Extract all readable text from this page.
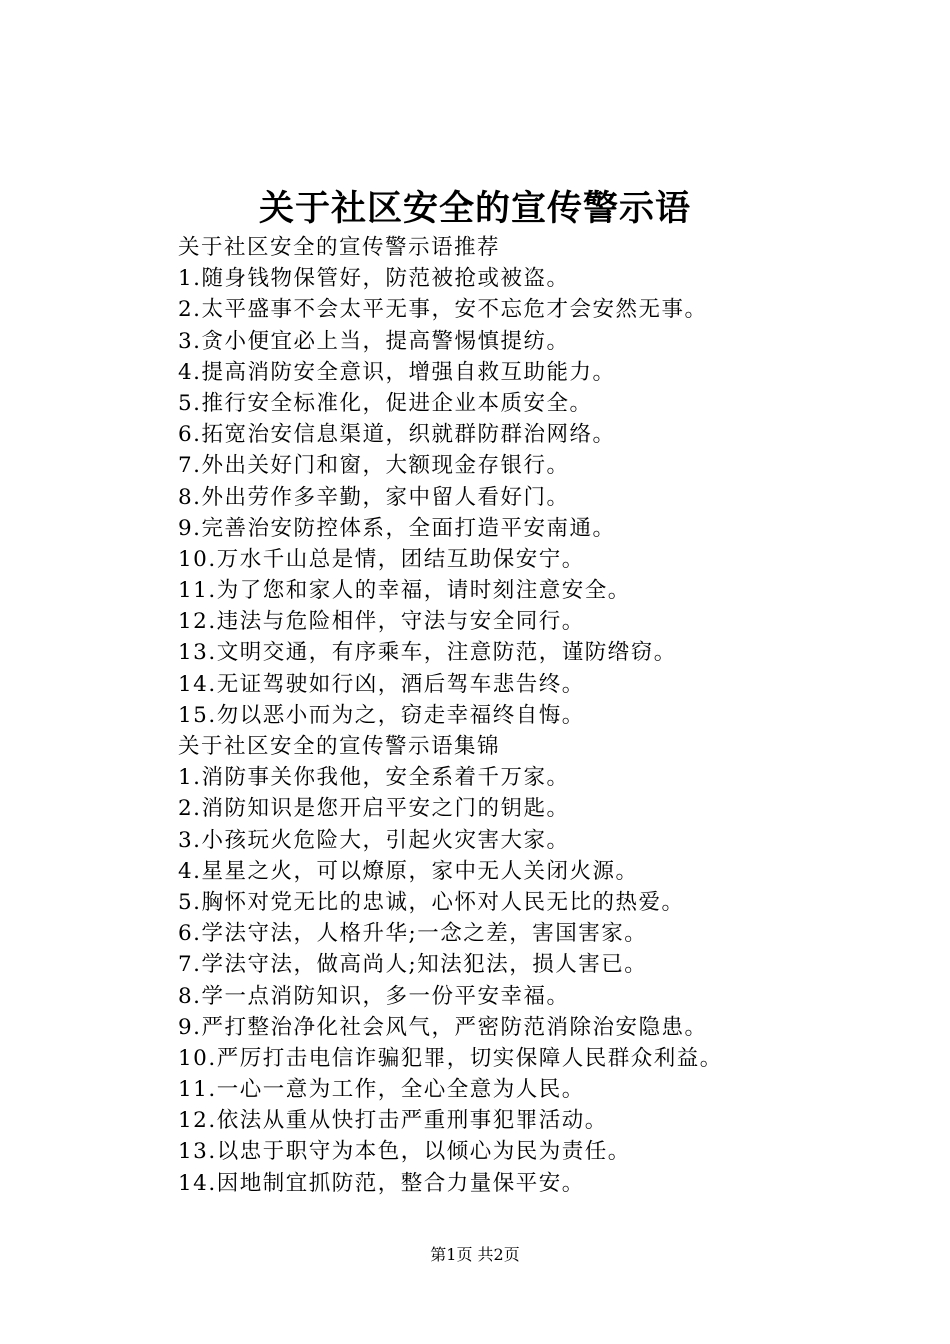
关于社区安全的宣传警示语
关于社区安全的宣传警示语推荐
1.随身钱物保管好，防范被抢或被盗。
2.太平盛事不会太平无事，安不忘危才会安然无事。
3.贪小便宜必上当，提高警惕慎提纺。
4.提高消防安全意识，增强自救互助能力。
5.推行安全标准化，促进企业本质安全。
6.拓宽治安信息渠道，织就群防群治网络。
7.外出关好门和窗，大额现金存银行。
8.外出劳作多辛勤，家中留人看好门。
9.完善治安防控体系，全面打造平安南通。
10.万水千山总是情，团结互助保安宁。
11.为了您和家人的幸福，请时刻注意安全。
12.违法与危险相伴，守法与安全同行。
13.文明交通，有序乘车，注意防范，谨防绺窃。
14.无证驾驶如行凶，酒后驾车悲告终。
15.勿以恶小而为之，窃走幸福终自悔。
关于社区安全的宣传警示语集锦
1.消防事关你我他，安全系着千万家。
2.消防知识是您开启平安之门的钥匙。
3.小孩玩火危险大，引起火灾害大家。
4.星星之火，可以燎原，家中无人关闭火源。
5.胸怀对党无比的忠诚，心怀对人民无比的热爱。
6.学法守法，人格升华;一念之差，害国害家。
7.学法守法，做高尚人;知法犯法，损人害已。
8.学一点消防知识，多一份平安幸福。
9.严打整治净化社会风气，严密防范消除治安隐患。
10.严厉打击电信诈骗犯罪，切实保障人民群众利益。
11.一心一意为工作，全心全意为人民。
12.依法从重从快打击严重刑事犯罪活动。
13.以忠于职守为本色，以倾心为民为责任。
14.因地制宜抓防范，整合力量保平安。
第1页 共2页
